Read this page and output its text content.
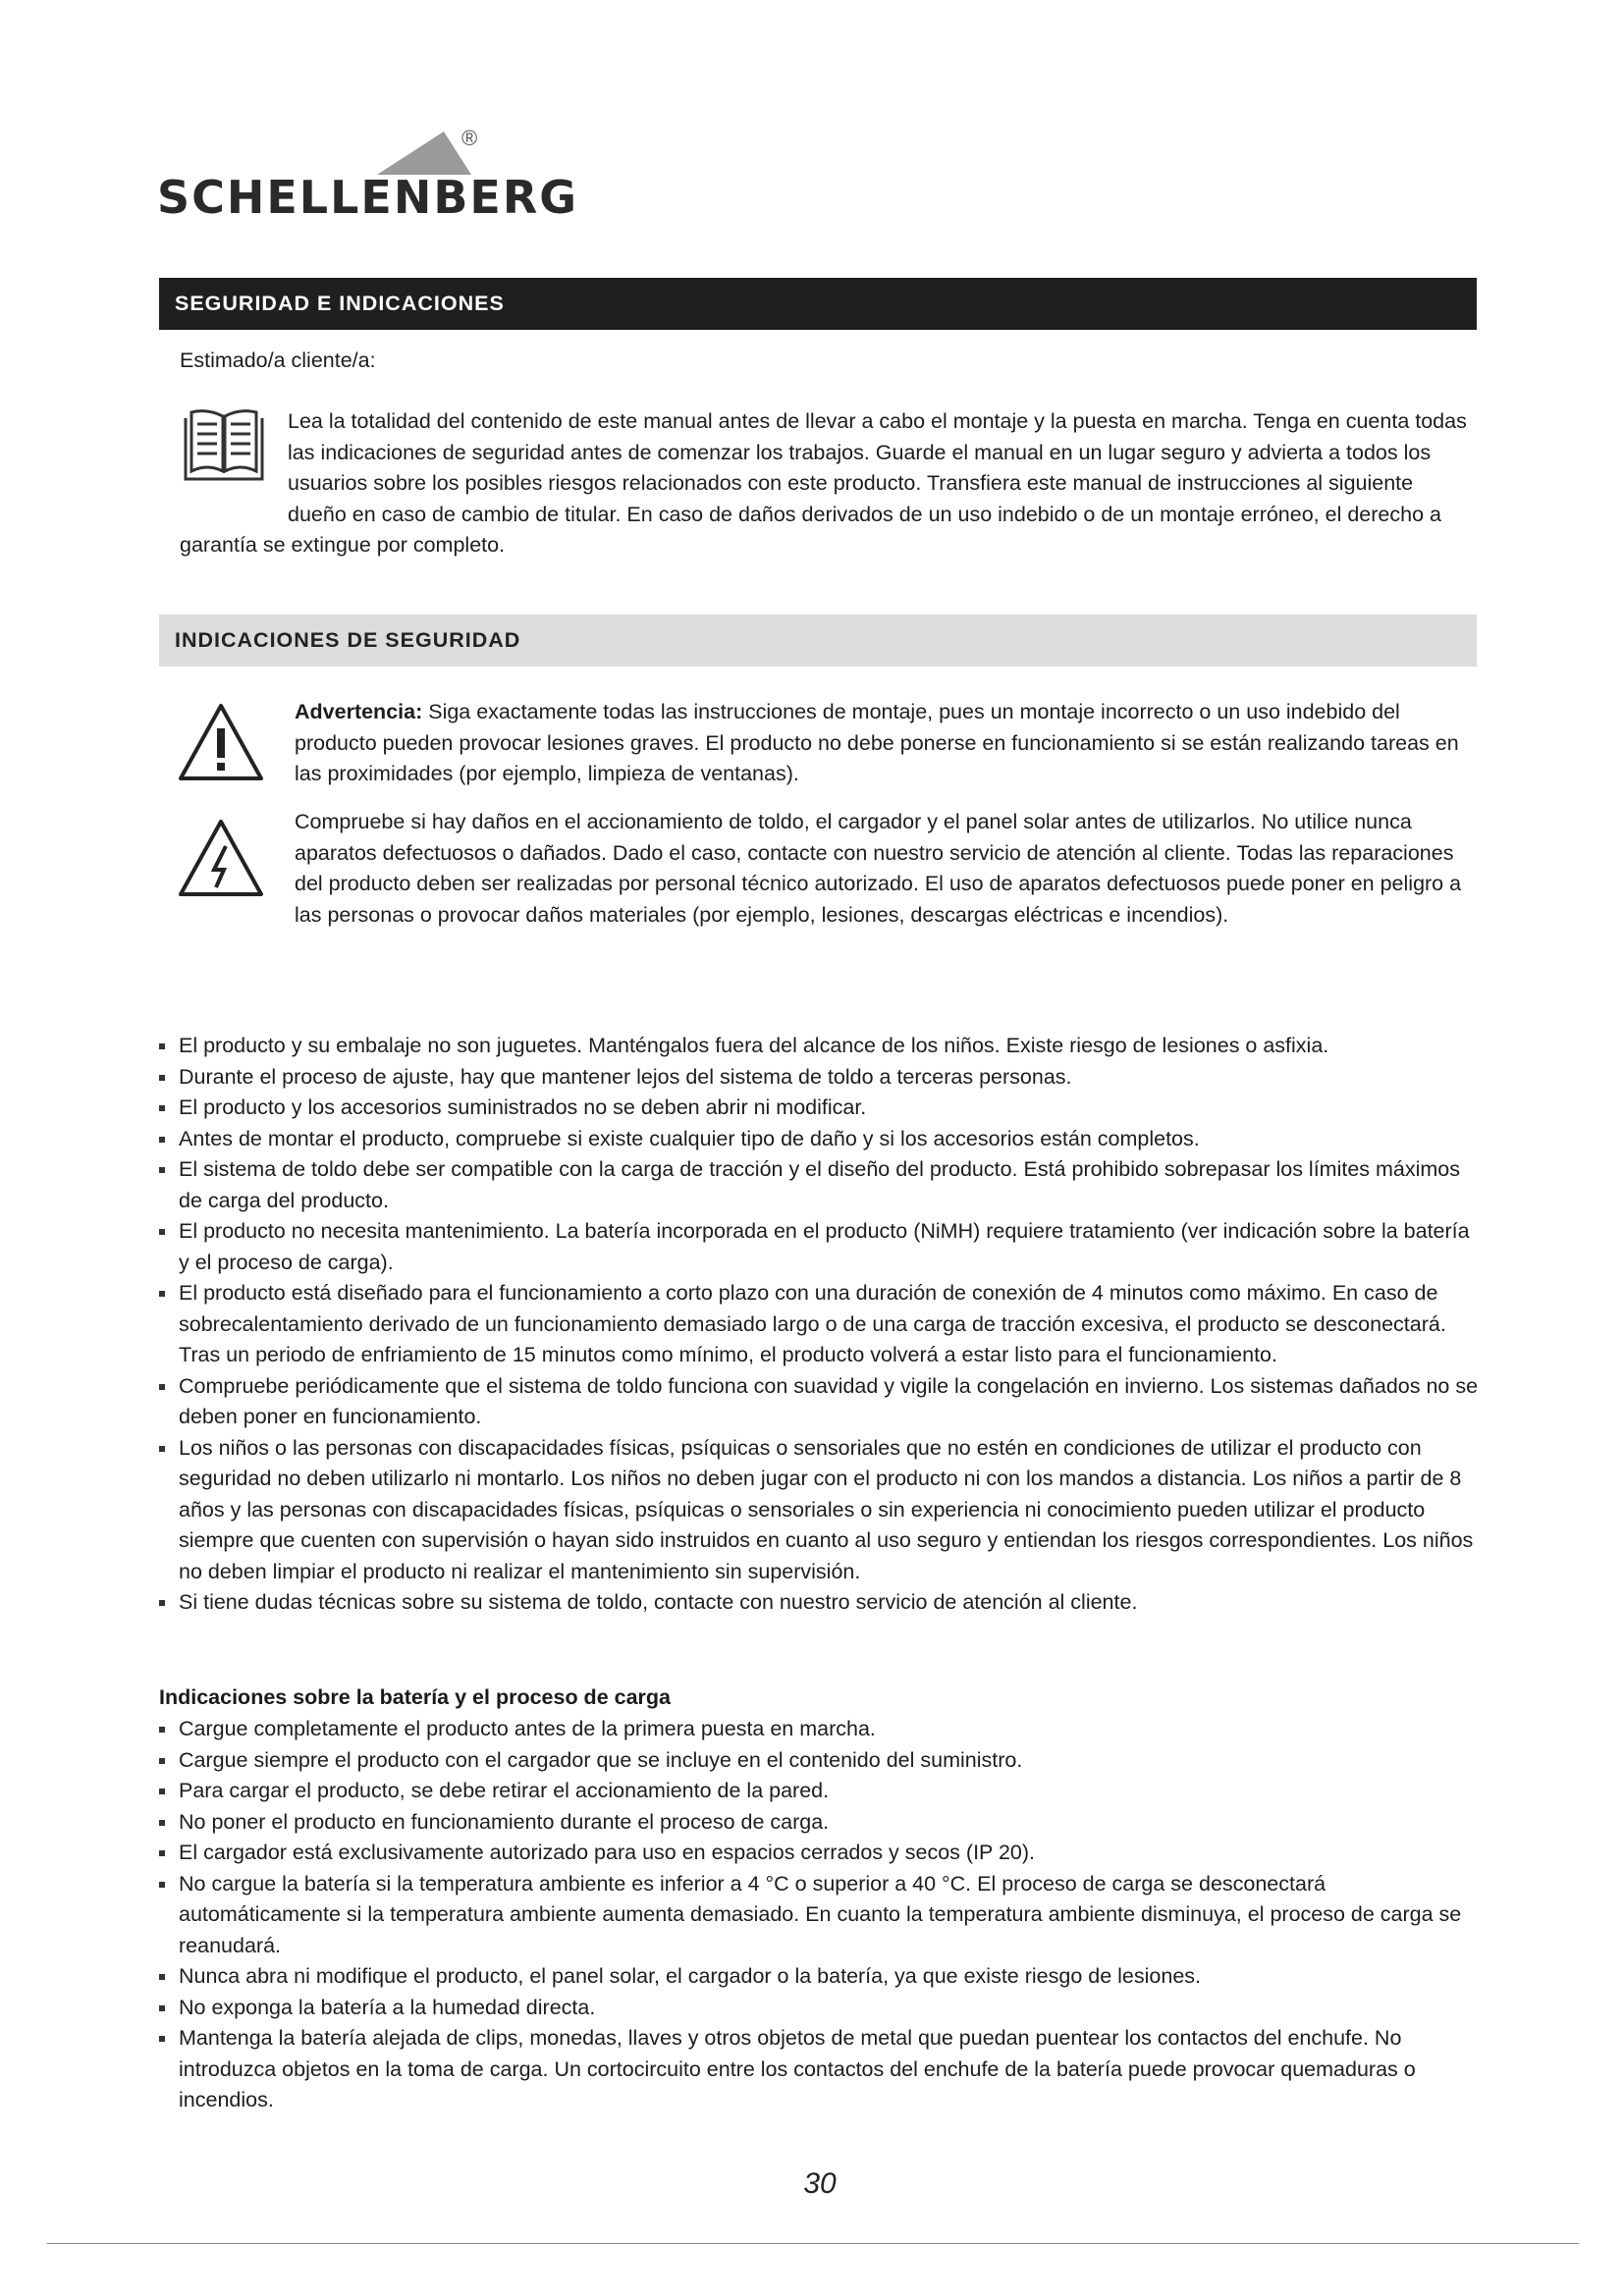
®
SCHELLENBERG
SEGURIDAD E INDICACIONES

Estimado/a cliente/a:

Lea la totalidad del contenido de este manual antes de llevar a cabo el montaje y la puesta en marcha. Tenga en cuenta todas las indicaciones de seguridad antes de comenzar los trabajos. Guarde el manual en un lugar seguro y advierta a todos los usuarios sobre los posibles riesgos relacionados con este producto. Transfiera este manual de instrucciones al siguiente dueño en caso de cambio de titular. En caso de daños derivados de un uso indebido o de un montaje erróneo, el derecho a garantía se extingue por completo.
INDICACIONES DE SEGURIDAD
Advertencia: Siga exactamente todas las instrucciones de montaje, pues un montaje incorrecto o un uso indebido del producto pueden provocar lesiones graves. El producto no debe ponerse en funcionamiento si se están realizando tareas en las proximidades (por ejemplo, limpieza de ventanas).
Compruebe si hay daños en el accionamiento de toldo, el cargador y el panel solar antes de utilizarlos. No utilice nunca aparatos defectuosos o dañados. Dado el caso, contacte con nuestro servicio de atención al cliente. Todas las reparaciones del producto deben ser realizadas por personal técnico autorizado. El uso de aparatos defectuosos puede poner en peligro a las personas o provocar daños materiales (por ejemplo, lesiones, descargas eléctricas e incendios).
El producto y su embalaje no son juguetes. Manténgalos fuera del alcance de los niños. Existe riesgo de lesiones o asfixia.
Durante el proceso de ajuste, hay que mantener lejos del sistema de toldo a terceras personas.
El producto y los accesorios suministrados no se deben abrir ni modificar.
Antes de montar el producto, compruebe si existe cualquier tipo de daño y si los accesorios están completos.
El sistema de toldo debe ser compatible con la carga de tracción y el diseño del producto. Está prohibido sobrepasar los límites máximos de carga del producto.
El producto no necesita mantenimiento. La batería incorporada en el producto (NiMH) requiere tratamiento (ver indicación sobre la batería y el proceso de carga).
El producto está diseñado para el funcionamiento a corto plazo con una duración de conexión de 4 minutos como máximo. En caso de sobrecalentamiento derivado de un funcionamiento demasiado largo o de una carga de tracción excesiva, el producto se desconectará. Tras un periodo de enfriamiento de 15 minutos como mínimo, el producto volverá a estar listo para el funcionamiento.
Compruebe periódicamente que el sistema de toldo funciona con suavidad y vigile la congelación en invierno. Los sistemas dañados no se deben poner en funcionamiento.
Los niños o las personas con discapacidades físicas, psíquicas o sensoriales que no estén en condiciones de utilizar el producto con seguridad no deben utilizarlo ni montarlo. Los niños no deben jugar con el producto ni con los mandos a distancia. Los niños a partir de 8 años y las personas con discapacidades físicas, psíquicas o sensoriales o sin experiencia ni conocimiento pueden utilizar el producto siempre que cuenten con supervisión o hayan sido instruidos en cuanto al uso seguro y entiendan los riesgos correspondientes. Los niños no deben limpiar el producto ni realizar el mantenimiento sin supervisión.
Si tiene dudas técnicas sobre su sistema de toldo, contacte con nuestro servicio de atención al cliente.

Indicaciones sobre la batería y el proceso de carga

Cargue completamente el producto antes de la primera puesta en marcha.
Cargue siempre el producto con el cargador que se incluye en el contenido del suministro.
Para cargar el producto, se debe retirar el accionamiento de la pared.
No poner el producto en funcionamiento durante el proceso de carga.
El cargador está exclusivamente autorizado para uso en espacios cerrados y secos (IP 20).
No cargue la batería si la temperatura ambiente es inferior a 4 °C o superior a 40 °C. El proceso de carga se desconectará automáticamente si la temperatura ambiente aumenta demasiado. En cuanto la temperatura ambiente disminuya, el proceso de carga se reanudará.
Nunca abra ni modifique el producto, el panel solar, el cargador o la batería, ya que existe riesgo de lesiones.
No exponga la batería a la humedad directa.
Mantenga la batería alejada de clips, monedas, llaves y otros objetos de metal que puedan puentear los contactos del enchufe. No introduzca objetos en la toma de carga. Un cortocircuito entre los contactos del enchufe de la batería puede provocar quemaduras o incendios.
30
